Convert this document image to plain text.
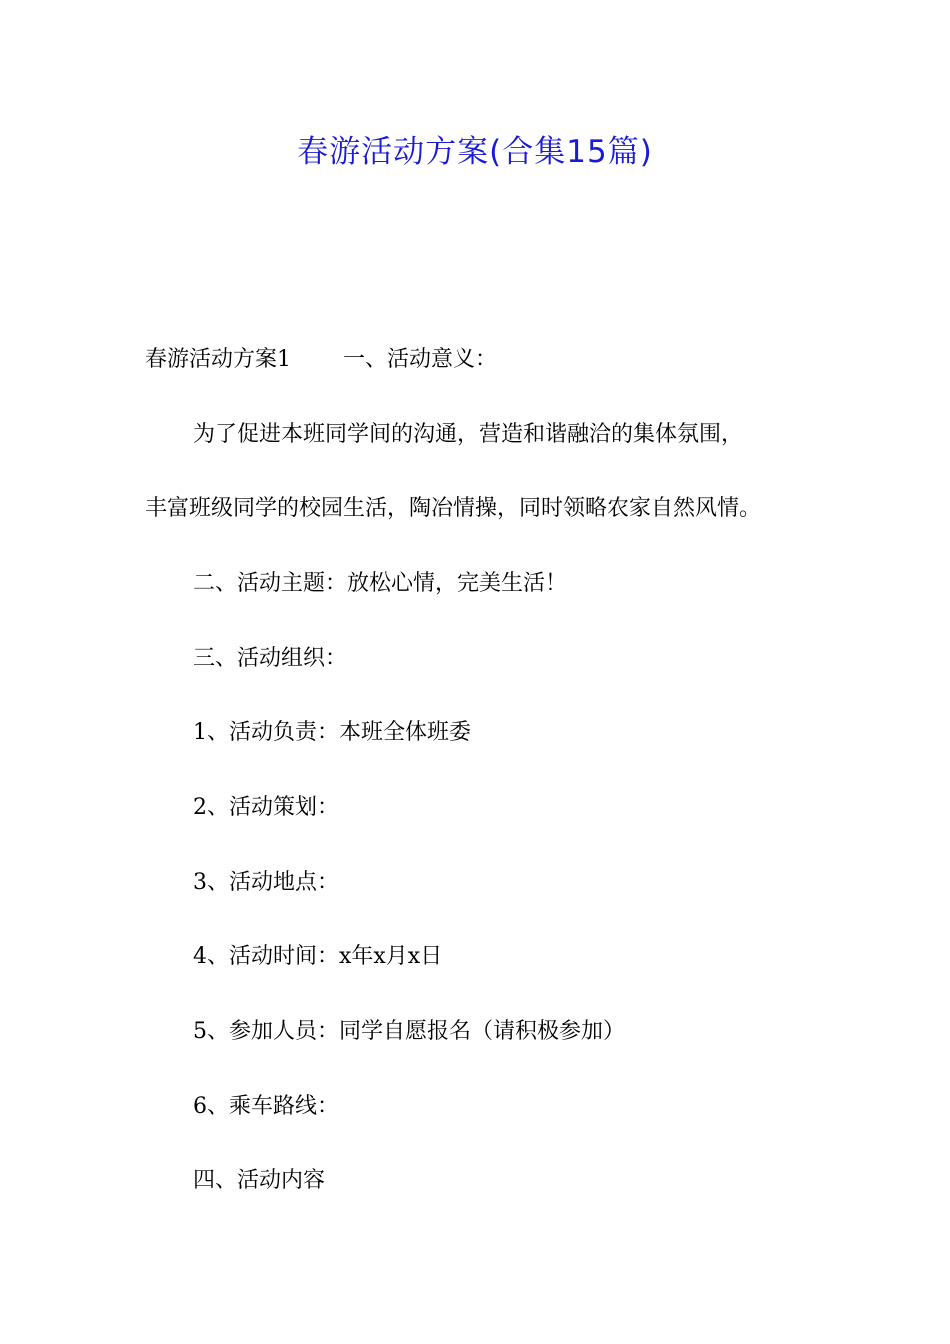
春游活动方案(合集15篇)

春游活动方案1 一、活动意义：

为了促进本班同学间的沟通，营造和谐融洽的集体氛围，

丰富班级同学的校园生活，陶冶情操，同时领略农家自然风情。

二、活动主题：放松心情，完美生活！

三、活动组织：

1、活动负责：本班全体班委

2、活动策划：

3、活动地点：

4、活动时间：x年x月x日

5、参加人员：同学自愿报名（请积极参加）

6、乘车路线：

四、活动内容
